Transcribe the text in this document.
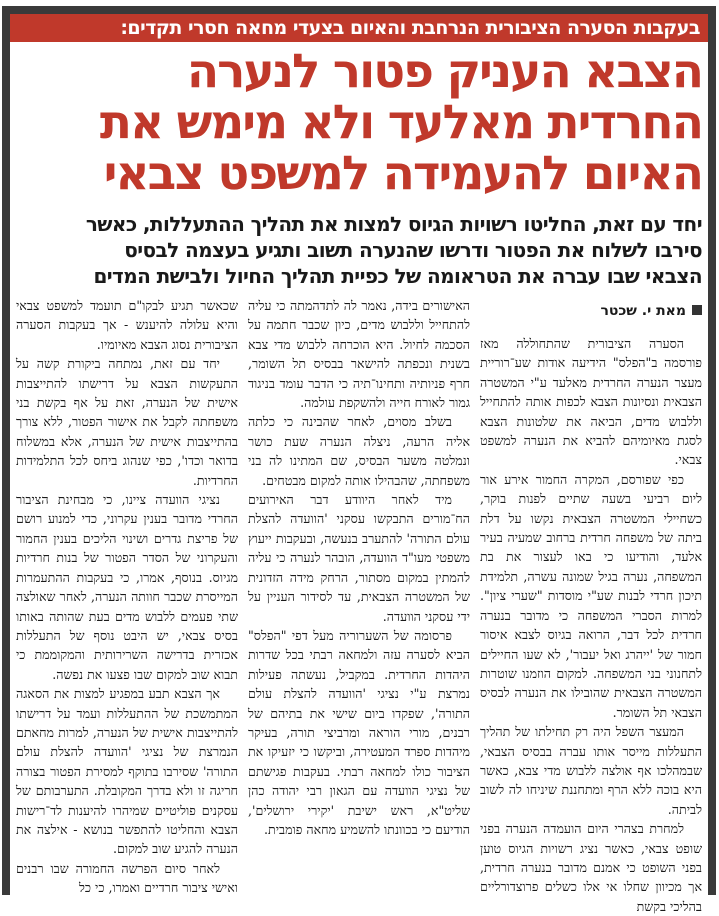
בעקבות הסערה הציבורית הנרחבת והאיום בצעדי מחאה חסרי תקדים:
הצבא העניק פטור לנערה
החרדית מאלעד ולא מימש את
האיום להעמידה למשפט צבאי
יחד עם זאת, החליטו רשויות הגיוס למצות את תהליך ההתעללות, כאשר
סירבו לשלוח את הפטור ודרשו שהנערה תשוב ותגיע בעצמה לבסיס
הצבאי שבו עברה את הטראומה של כפיית תהליך החיול ולבישת המדים
מאת י. שכטר

הסערה הציבורית שהתחוללה מאז פורסמה ב"הפלס" הידיעה אודות שע־רוריית מעצר הנערה החרדית מאלעד ע"י המשטרה הצבאית ונסיונות הצבא לכפות אותה להתחייל וללבוש מדים, הביאה את שלטונות הצבא לסגת מאיומיהם להביא את הנערה למשפט צבאי.

כפי שפורסם, המקרה החמור אירע אור ליום רביעי בשעה שתיים לפנות בוקר, כשחיילי המשטרה הצבאית נקשו על דלת ביתה של משפחה חרדית ברחוב שמעיה בעיר אלעד, והודיעו כי באו לעצור את בת המשפחה, נערה בגיל שמונה עשרה, תלמידת תיכון חרדי לבנות שע"י מוסדות "שערי ציון". למרות הסברי המשפחה כי מדובר בנערה חרדית לכל דבר, הרואה בגיוס לצבא איסור חמור של 'ייהרג ואל יעבור', לא שעו החיילים לתחנוני בני המשפחה. למקום הוזמנו שוטרות המשטרה הצבאית שהובילו את הנערה לבסיס הצבאי תל השומר.

המעצר השפל היה רק תחילתו של תהליך התעללות מייסר אותו עברה בבסיס הצבאי, שבמהלכו אף אולצה ללבוש מדי צבא, כאשר היא בוכה ללא הרף ומתחננת שיניחו לה לשוב לביתה.

למחרת בצהרי היום הועמדה הנערה בפני שופט צבאי, כאשר נציג רשויות הגיוס טוען בפני השופט כי אמנם מדובר בנערה חרדית, אך מכיוון שחלו אי אלו כשלים פרוצדורליים בהליכי בקשת

האישורים בידה, נאמר לה לתדהמתה כי עליה להתחייל וללבוש מדים, כיון שכבר חתמה על הסכמה לחיול. היא הוכרחה ללבוש מדי צבא בשנית ונכפתה להישאר בבסיס תל השומר, חרף פניותיה ותחינו־תיה כי הדבר עומד בניגוד גמור לאורח חייה ולהשקפת עולמה.

בשלב מסוים, לאחר שהבינה כי כלתה אליה הרעה, ניצלה הנערה שעת כושר ונמלטה משער הבסיס, שם המתינו לה בני משפחתה, שהבהילו אותה למקום מבטחים.

מיד לאחר היוודע דבר האירועים הח־מורים התבקשו עסקני 'הוועדה להצלת עולם התורה' להתערב בנעשה, ובעקבות ייעוץ משפטי מעו"ד הוועדה, הובהר לנערה כי עליה להמתין במקום מסתור, הרחק מידה הזדונית של המשטרה הצבאית, עד לסידור העניין על ידי עסקני הוועדה.

פרסומה של השערוריה מעל דפי "הפלס" הביא לסערה עזה ולמחאה רבתי בכל שדרות היהדות החרדית. במקביל, נעשתה פעילות נמרצת ע"י נציגי 'הוועדה להצלת עולם התורה', שפקדו ביום שישי את בתיהם של רבנים, מורי הוראה ומרביצי תורה, בעיקר מיהדות ספרד המעטירה, וביקשו כי יזעיקו את הציבור כולו למחאה רבתי. בעקבות פגישתם של נציגי הוועדה עם הגאון רבי יהודה כהן שליט"א, ראש ישיבת 'יקירי ירושלים', הודיעם כי בכוונתו להשמיע מחאה פומבית.

שכאשר תגיע לבקו"ם תועמד למשפט צבאי והיא עלולה להיענש - אך בעקבות הסערה הציבורית נסוג הצבא מאיומיו.

יחד עם זאת, נמתחה ביקורת קשה על התעקשות הצבא על דרישתו להתייצבות אישית של הנערה, זאת על אף בקשת בני משפחתה לקבל את אישור הפטור, ללא צורך בהתייצבות אישית של הנערה, אלא במשלוח בדואר וכדו', כפי שנהוג ביחס לכל התלמידות החרדיות.

נציגי הוועדה ציינו, כי מבחינת הציבור החרדי מדובר בענין עקרוני, כדי למנוע רושם של פריצת גדרים ושינוי הליכים בענין החמור והעקרוני של הסדר הפטור של בנות חרדיות מגיוס. בנוסף, אמרו, כי בעקבות ההתעמרות המייסרת שכבר חוותה הנערה, לאחר שאולצה שתי פעמים ללבוש מדים בעת שהותה באותו בסיס צבאי, יש היבט נוסף של התעללות אכזרית בדרישה השרירותית והמקוממת כי תבוא שוב למקום שבו פצעו את נפשה.

אך הצבא תבע במפגיע למצות את הסאגה המתמשכת של ההתעללות ועמד על דרישתו להתייצבות אישית של הנערה, למרות מחאתם הנמרצת של נציגי 'הוועדה להצלת עולם התורה' שסירבו בתוקף למסירת הפטור בצורה חריגה זו ולא בדרך המקובלת. התערבותם של עסקנים פוליטיים שמיהרו להיענות לד־רישות הצבא והחליטו להתפשר בנושא - אילצה את הנערה להגיע שוב למקום.

לאחר סיום הפרשה החמורה שבו רבנים ואישי ציבור חרדיים ואמרו, כי כל
